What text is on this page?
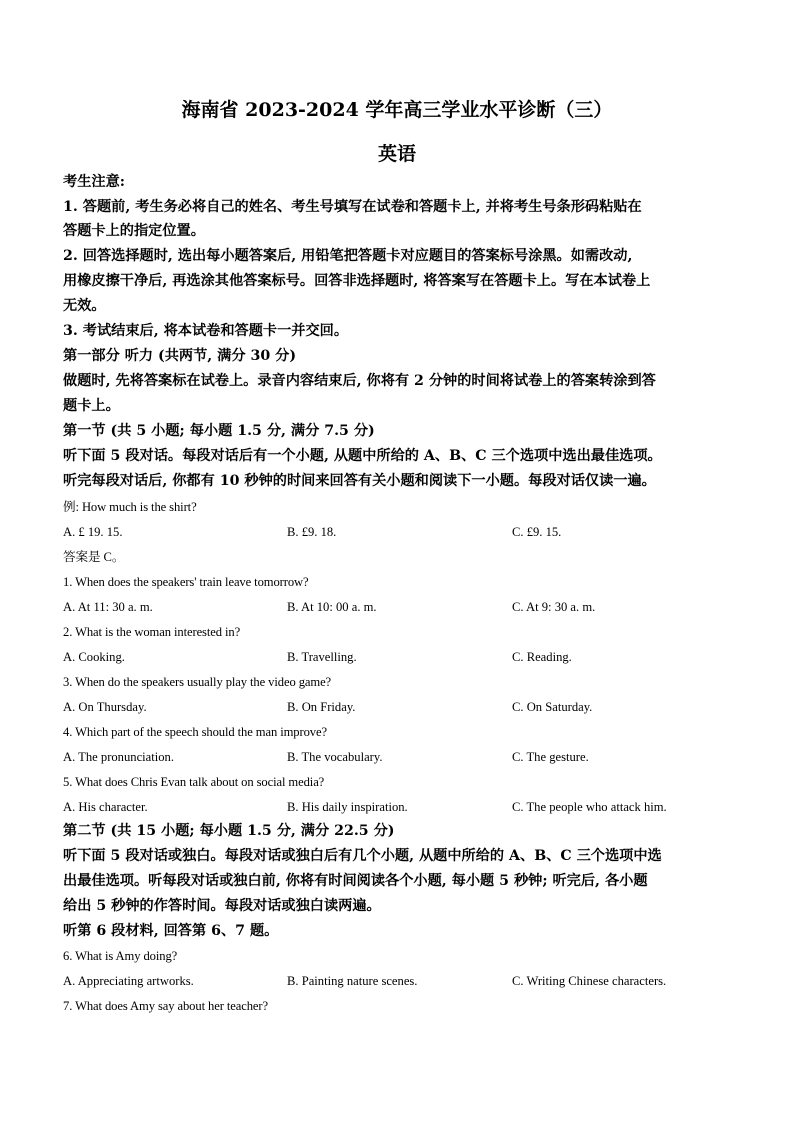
海南省 2023-2024 学年高三学业水平诊断（三）
英语
考生注意:
1. 答题前, 考生务必将自己的姓名、考生号填写在试卷和答题卡上, 并将考生号条形码粘贴在
答题卡上的指定位置。
2. 回答选择题时, 选出每小题答案后, 用铅笔把答题卡对应题目的答案标号涂黑。如需改动,
用橡皮擦干净后, 再选涂其他答案标号。回答非选择题时, 将答案写在答题卡上。写在本试卷上
无效。
3. 考试结束后, 将本试卷和答题卡一并交回。
第一部分 听力 (共两节, 满分 30 分)
做题时, 先将答案标在试卷上。录音内容结束后, 你将有 2 分钟的时间将试卷上的答案转涂到答
题卡上。
第一节 (共 5 小题; 每小题 1.5 分, 满分 7.5 分)
听下面 5 段对话。每段对话后有一个小题, 从题中所给的 A、B、C 三个选项中选出最佳选项。
听完每段对话后, 你都有 10 秒钟的时间来回答有关小题和阅读下一小题。每段对话仅读一遍。
例: How much is the shirt?
A. £ 19. 15.	B. £9. 18.	C. £9. 15.
答案是 C。
1. When does the speakers' train leave tomorrow?
A. At 11: 30 a. m.	B. At 10: 00 a. m.	C. At 9: 30 a. m.
2. What is the woman interested in?
A. Cooking.	B. Travelling.	C. Reading.
3. When do the speakers usually play the video game?
A. On Thursday.	B. On Friday.	C. On Saturday.
4. Which part of the speech should the man improve?
A. The pronunciation.	B. The vocabulary.	C. The gesture.
5. What does Chris Evan talk about on social media?
A. His character.	B. His daily inspiration.	C. The people who attack him.
第二节 (共 15 小题; 每小题 1.5 分, 满分 22.5 分)
听下面 5 段对话或独白。每段对话或独白后有几个小题, 从题中所给的 A、B、C 三个选项中选
出最佳选项。听每段对话或独白前, 你将有时间阅读各个小题, 每小题 5 秒钟; 听完后, 各小题
给出 5 秒钟的作答时间。每段对话或独白读两遍。
听第 6 段材料, 回答第 6、7 题。
6. What is Amy doing?
A. Appreciating artworks.	B. Painting nature scenes.	C. Writing Chinese characters.
7. What does Amy say about her teacher?
